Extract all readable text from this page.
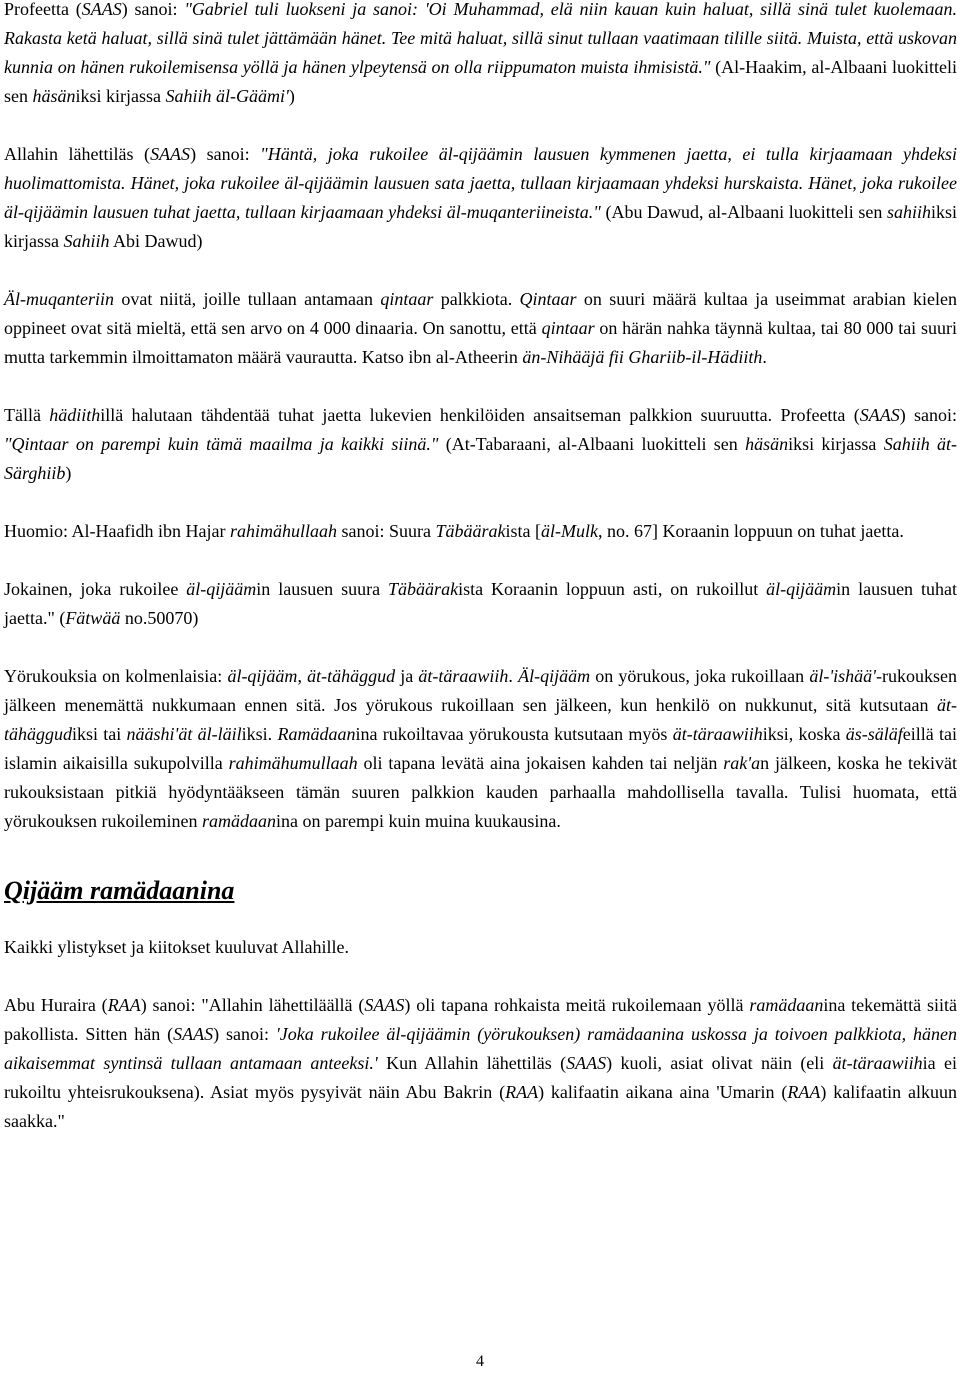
Profeetta (SAAS) sanoi: "Gabriel tuli luokseni ja sanoi: 'Oi Muhammad, elä niin kauan kuin haluat, sillä sinä tulet kuolemaan. Rakasta ketä haluat, sillä sinä tulet jättämään hänet. Tee mitä haluat, sillä sinut tullaan vaatimaan tilille siitä. Muista, että uskovan kunnia on hänen rukoilemisensa yöllä ja hänen ylpeytensä on olla riippumaton muista ihmisistä." (Al-Haakim, al-Albaani luokitteli sen häsäniksi kirjassa Sahiih äl-Gäämi')

Allahin lähettiläs (SAAS) sanoi: "Häntä, joka rukoilee äl-qijäämin lausuen kymmenen jaetta, ei tulla kirjaamaan yhdeksi huolimattomista. Hänet, joka rukoilee äl-qijäämin lausuen sata jaetta, tullaan kirjaamaan yhdeksi hurskaista. Hänet, joka rukoilee äl-qijäämin lausuen tuhat jaetta, tullaan kirjaamaan yhdeksi äl-muqanteriineista." (Abu Dawud, al-Albaani luokitteli sen sahiihiksi kirjassa Sahiih Abi Dawud)

Äl-muqanteriin ovat niitä, joille tullaan antamaan qintaar palkkiota. Qintaar on suuri määrä kultaa ja useimmat arabian kielen oppineet ovat sitä mieltä, että sen arvo on 4 000 dinaaria. On sanottu, että qintaar on härän nahka täynnä kultaa, tai 80 000 tai suuri mutta tarkemmin ilmoittamaton määrä vaurautta. Katso ibn al-Atheerin än-Nihääjä fii Ghariib-il-Hädiith.

Tällä hädiithillä halutaan tähdentää tuhat jaetta lukevien henkilöiden ansaitseman palkkion suuruutta. Profeetta (SAAS) sanoi: "Qintaar on parempi kuin tämä maailma ja kaikki siinä." (At-Tabaraani, al-Albaani luokitteli sen häsäniksi kirjassa Sahiih ät-Särghiib)

Huomio: Al-Haafidh ibn Hajar rahimähullaah sanoi: Suura Täbäärakista [äl-Mulk, no. 67] Koraanin loppuun on tuhat jaetta.

Jokainen, joka rukoilee äl-qijäämin lausuen suura Täbäärakista Koraanin loppuun asti, on rukoillut äl-qijäämin lausuen tuhat jaetta." (Fätwää no.50070)

Yörukouksia on kolmenlaisia: äl-qijääm, ät-tähäggud ja ät-täraawiih. Äl-qijääm on yörukous, joka rukoillaan äl-'ishää'-rukouksen jälkeen menemättä nukkumaan ennen sitä. Jos yörukous rukoillaan sen jälkeen, kun henkilö on nukkunut, sitä kutsutaan ät-tähäggudiksi tai nääshi'ät äl-läiliksi. Ramädaanina rukoiltavaa yörukousta kutsutaan myös ät-täraawiihiksi, koska äs-säläfeillä tai islamin aikaisilla sukupolvilla rahimähumullaah oli tapana levätä aina jokaisen kahden tai neljän rak'an jälkeen, koska he tekivät rukouksistaan pitkiä hyödyntääkseen tämän suuren palkkion kauden parhaalla mahdollisella tavalla. Tulisi huomata, että yörukouksen rukoileminen ramädaanina on parempi kuin muina kuukausina.

Qijääm ramädaanina

Kaikki ylistykset ja kiitokset kuuluvat Allahille.

Abu Huraira (RAA) sanoi: "Allahin lähettiläällä (SAAS) oli tapana rohkaista meitä rukoilemaan yöllä ramädaanina tekemättä siitä pakollista. Sitten hän (SAAS) sanoi: 'Joka rukoilee äl-qijäämin (yörukouksen) ramädaanina uskossa ja toivoen palkkiota, hänen aikaisemmat syntinsä tullaan antamaan anteeksi.' Kun Allahin lähettiläs (SAAS) kuoli, asiat olivat näin (eli ät-täraawiihia ei rukoiltu yhteisrukouksena). Asiat myös pysyivät näin Abu Bakrin (RAA) kalifaatin aikana aina 'Umarin (RAA) kalifaatin alkuun saakka."

4
